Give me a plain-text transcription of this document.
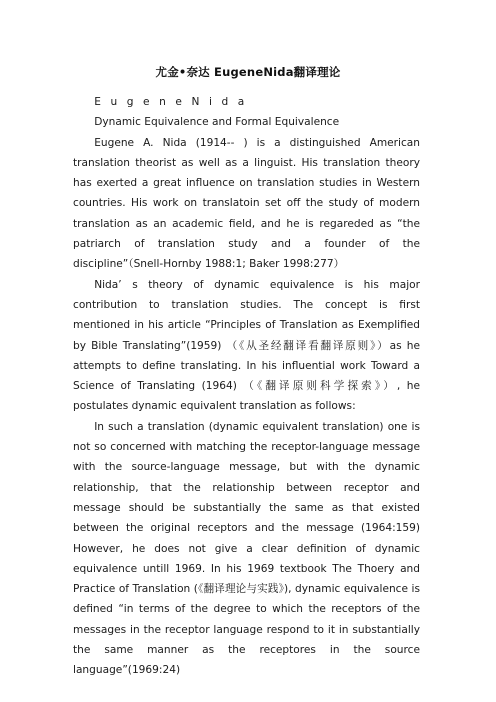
尤金•奈达 EugeneNida翻译理论

E u g e n e N i d a

Dynamic Equivalence and Formal Equivalence

Eugene A. Nida (1914-- ) is a distinguished American translation theorist as well as a linguist. His translation theory has exerted a great influence on translation studies in Western countries. His work on translatoin set off the study of modern translation as an academic field, and he is regareded as “the patriarch of translation study and a founder of the discipline”（Snell-Hornby 1988:1; Baker 1998:277）

Nida’ s theory of dynamic equivalence is his major contribution to translation studies. The concept is first mentioned in his article “Principles of Translation as Exemplified by Bible Translating”(1959) （《从圣经翻译看翻译原则》）as he attempts to define translating. In his influential work Toward a Science of Translating (1964) （《翻译原则科学探索》）, he postulates dynamic equivalent translation as follows:

In such a translation (dynamic equivalent translation) one is not so concerned with matching the receptor-language message with the source-language message, but with the dynamic relationship, that the relationship between receptor and message should be substantially the same as that existed between the original receptors and the message (1964:159) However, he does not give a clear definition of dynamic equivalence untill 1969. In his 1969 textbook The Thoery and Practice of Translation (《翻译理论与实践》), dynamic equivalence is defined “in terms of the degree to which the receptors of the messages in the receptor language respond to it in substantially the same manner as the receptores in the source language”(1969:24)
